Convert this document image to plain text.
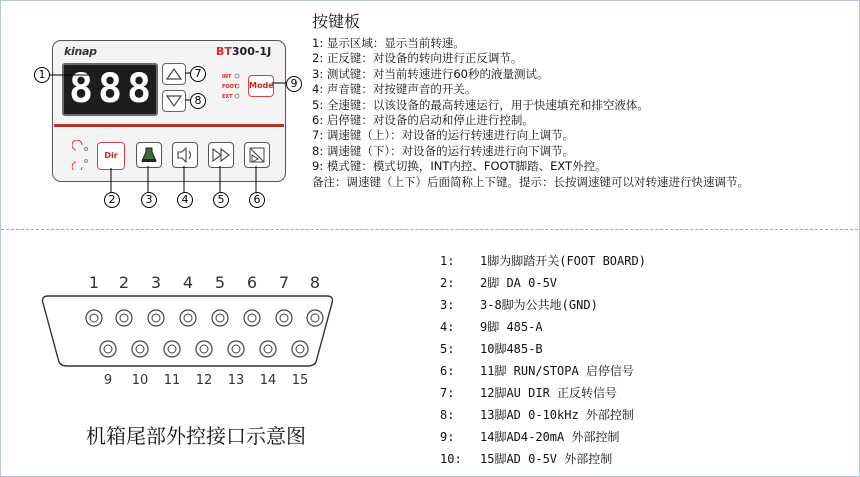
kinap	BT300-1J
8 8 8	INT
FOOT
EXT
Mode
Dir
1
2	3	4	5	6
7
8
9
按键板
1: 显示区域：显示当前转速。
2: 正反键：对设备的转向进行正反调节。
3: 测试键：对当前转速进行60秒的液量测试。
4: 声音键：对按键声音的开关。
5: 全速键：以该设备的最高转速运行，用于快速填充和排空液体。
6: 启停键：对设备的启动和停止进行控制。
7: 调速键（上）：对设备的运行转速进行向上调节。
8: 调速键（下）：对设备的运行转速进行向下调节。
9: 模式键：模式切换，INT内控、FOOT脚踏、EXT外控。
备注：调速键（上下）后面简称上下键。提示：长按调速键可以对转速进行快速调节。
1	2	3	4	5	6	7	8
9	10 11 12 13 14 15
机箱尾部外控接口示意图
1: 1脚为脚踏开关(FOOT BOARD)
2: 2脚 DA 0-5V
3: 3-8脚为公共地(GND)
4: 9脚 485-A
5: 10脚485-B
6: 11脚 RUN/STOPA 启停信号
7: 12脚AU DIR 正反转信号
8: 13脚AD 0-10kHz 外部控制
9: 14脚AD4-20mA 外部控制
10: 15脚AD 0-5V 外部控制
